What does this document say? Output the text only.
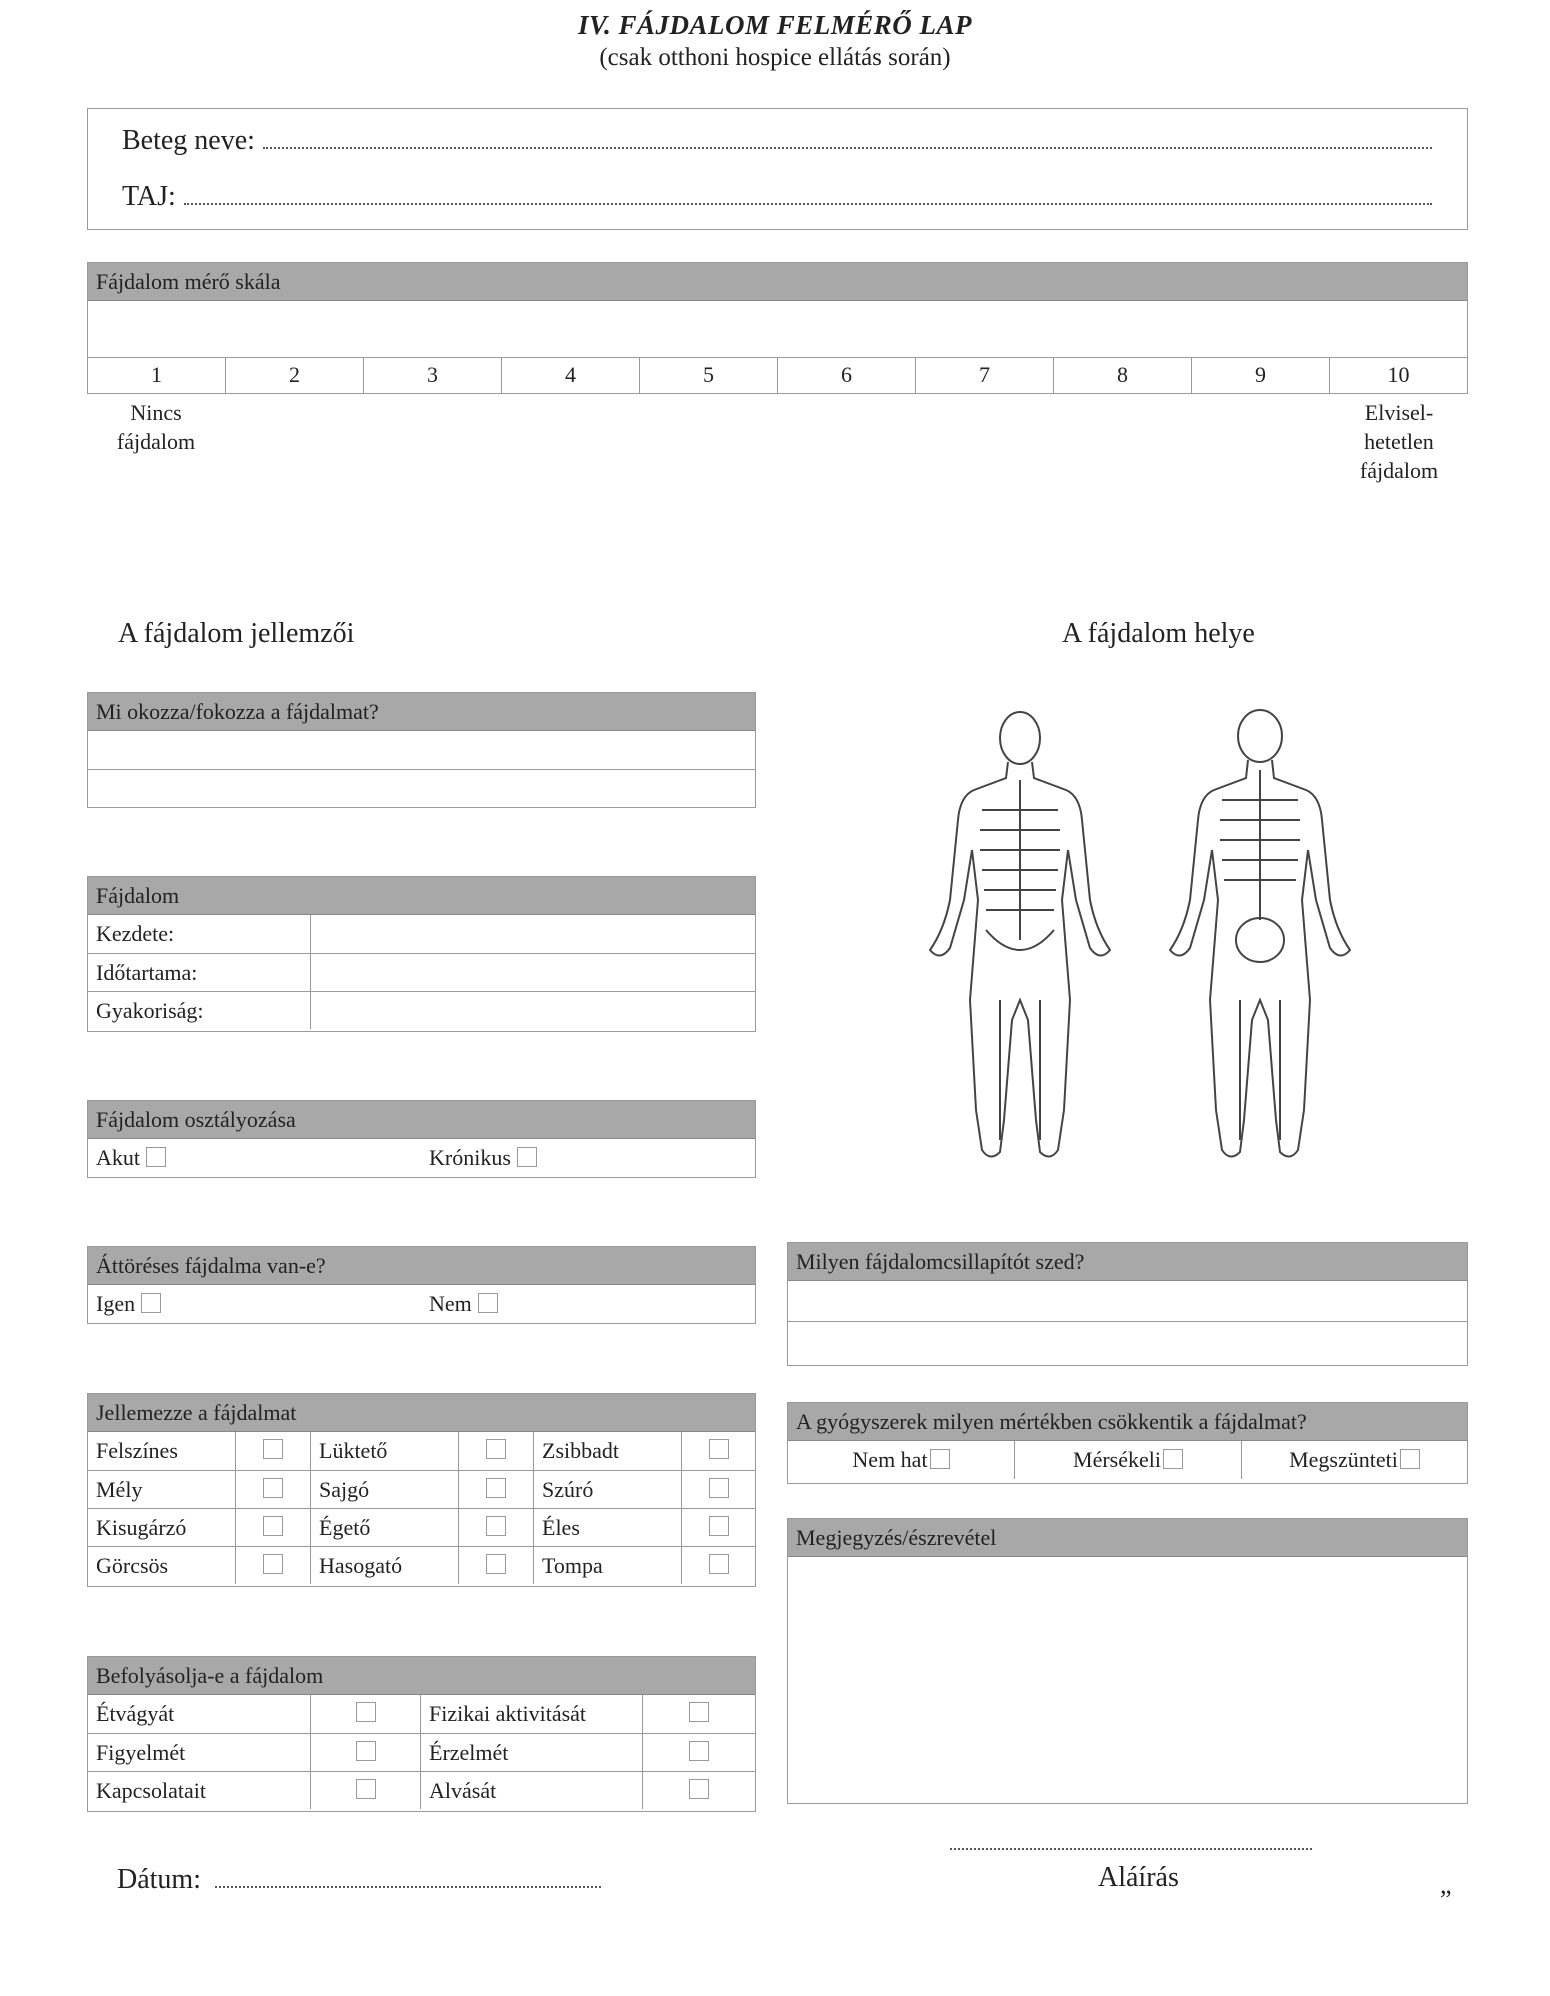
IV. FÁJDALOM FELMÉRŐ LAP
(csak otthoni hospice ellátás során)
Beteg neve:
TAJ:
Fájdalom mérő skála
1	2	3	4	5	6	7	8	9	10
Nincs
fájdalom
Elvisel-
hetetlen
fájdalom
A fájdalom jellemzői	A fájdalom helye
Mi okozza/fokozza a fájdalmat?
Fájdalom
Kezdete:
Időtartama:
Gyakoriság:
Fájdalom osztályozása
Akut	Krónikus
Áttöréses fájdalma van-e?
Igen	Nem
Jellemezze a fájdalmat
Felszínes	Lüktető	Zsibbadt
Mély	Sajgó	Szúró
Kisugárzó	Égető	Éles
Görcsös	Hasogató	Tompa
Befolyásolja-e a fájdalom
Étvágyát	Fizikai aktivitását
Figyelmét	Érzelmét
Kapcsolatait	Alvását
Milyen fájdalomcsillapítót szed?
A gyógyszerek milyen mértékben csökkentik a fájdalmat?
Nem hat	Mérsékeli	Megszünteti
Megjegyzés/észrevétel
Dátum:	Aláírás	„
